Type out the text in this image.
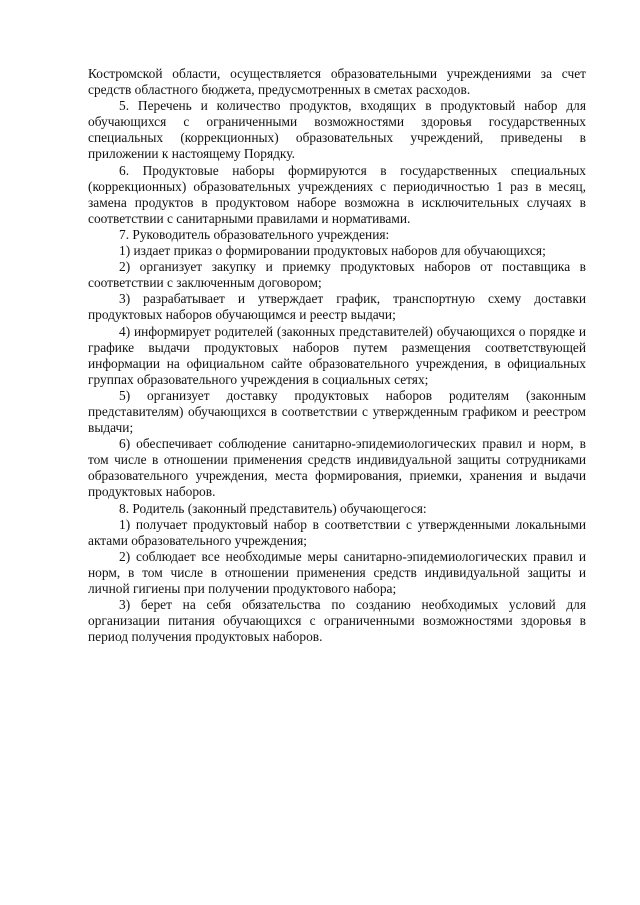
Костромской области, осуществляется образовательными учреждениями за счет средств областного бюджета, предусмотренных в сметах расходов.

5. Перечень и количество продуктов, входящих в продуктовый набор для обучающихся с ограниченными возможностями здоровья государственных специальных (коррекционных) образовательных учреждений, приведены в приложении к настоящему Порядку.

6. Продуктовые наборы формируются в государственных специальных (коррекционных) образовательных учреждениях с периодичностью 1 раз в месяц, замена продуктов в продуктовом наборе возможна в исключительных случаях в соответствии с санитарными правилами и нормативами.

7. Руководитель образовательного учреждения:

1) издает приказ о формировании продуктовых наборов для обучающихся;

2) организует закупку и приемку продуктовых наборов от поставщика в соответствии с заключенным договором;

3) разрабатывает и утверждает график, транспортную схему доставки продуктовых наборов обучающимся и реестр выдачи;

4) информирует родителей (законных представителей) обучающихся о порядке и графике выдачи продуктовых наборов путем размещения соответствующей информации на официальном сайте образовательного учреждения, в официальных группах образовательного учреждения в социальных сетях;

5) организует доставку продуктовых наборов родителям (законным представителям) обучающихся в соответствии с утвержденным графиком и реестром выдачи;

6) обеспечивает соблюдение санитарно-эпидемиологических правил и норм, в том числе в отношении применения средств индивидуальной защиты сотрудниками образовательного учреждения, места формирования, приемки, хранения и выдачи продуктовых наборов.

8. Родитель (законный представитель) обучающегося:

1) получает продуктовый набор в соответствии с утвержденными локальными актами образовательного учреждения;

2) соблюдает все необходимые меры санитарно-эпидемиологических правил и норм, в том числе в отношении применения средств индивидуальной защиты и личной гигиены при получении продуктового набора;

3) берет на себя обязательства по созданию необходимых условий для организации питания обучающихся с ограниченными возможностями здоровья в период получения продуктовых наборов.
